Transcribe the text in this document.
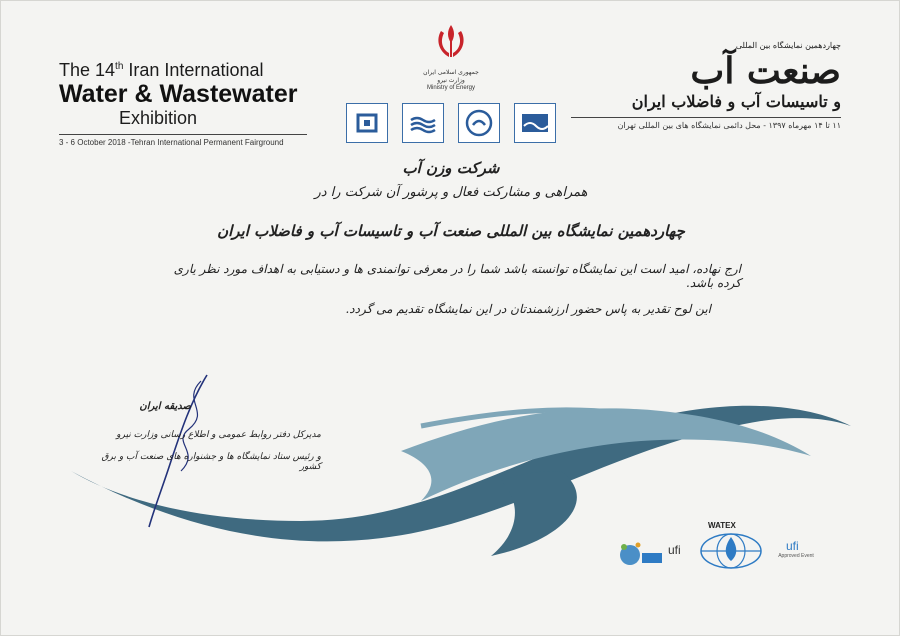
The 14th Iran International
Water & Wastewater
Exhibition
3 - 6 October 2018 -Tehran International Permanent Fairground
جمهوری اسلامی ایران
وزارت نیرو
Ministry of Energy
چهاردهمین نمایشگاه بین المللی
صنعت آب
و تاسیسات آب و فاضلاب ایران
۱۱ تا ۱۴ مهرماه ۱۳۹۷ - محل دائمی نمایشگاه های بین المللی تهران
شرکت وزن آب
همراهی و مشارکت فعال و پرشور آن شرکت را در
چهاردهمین نمایشگاه بین المللی صنعت آب و تاسیسات آب و فاضلاب ایران
ارج نهاده، امید است این نمایشگاه توانسته باشد شما را در معرفی توانمندی ها و دستیابی به اهداف مورد نظر یاری کرده باشد.
این لوح تقدیر به پاس حضور ارزشمندتان در این نمایشگاه تقدیم می گردد.
صدیقه ایران
مدیرکل دفتر روابط عمومی و اطلاع رسانی وزارت نیرو
و رئیس ستاد نمایشگاه ها و جشنواره های صنعت آب و برق کشور
ufi
WATEX
ufi
Approved Event
